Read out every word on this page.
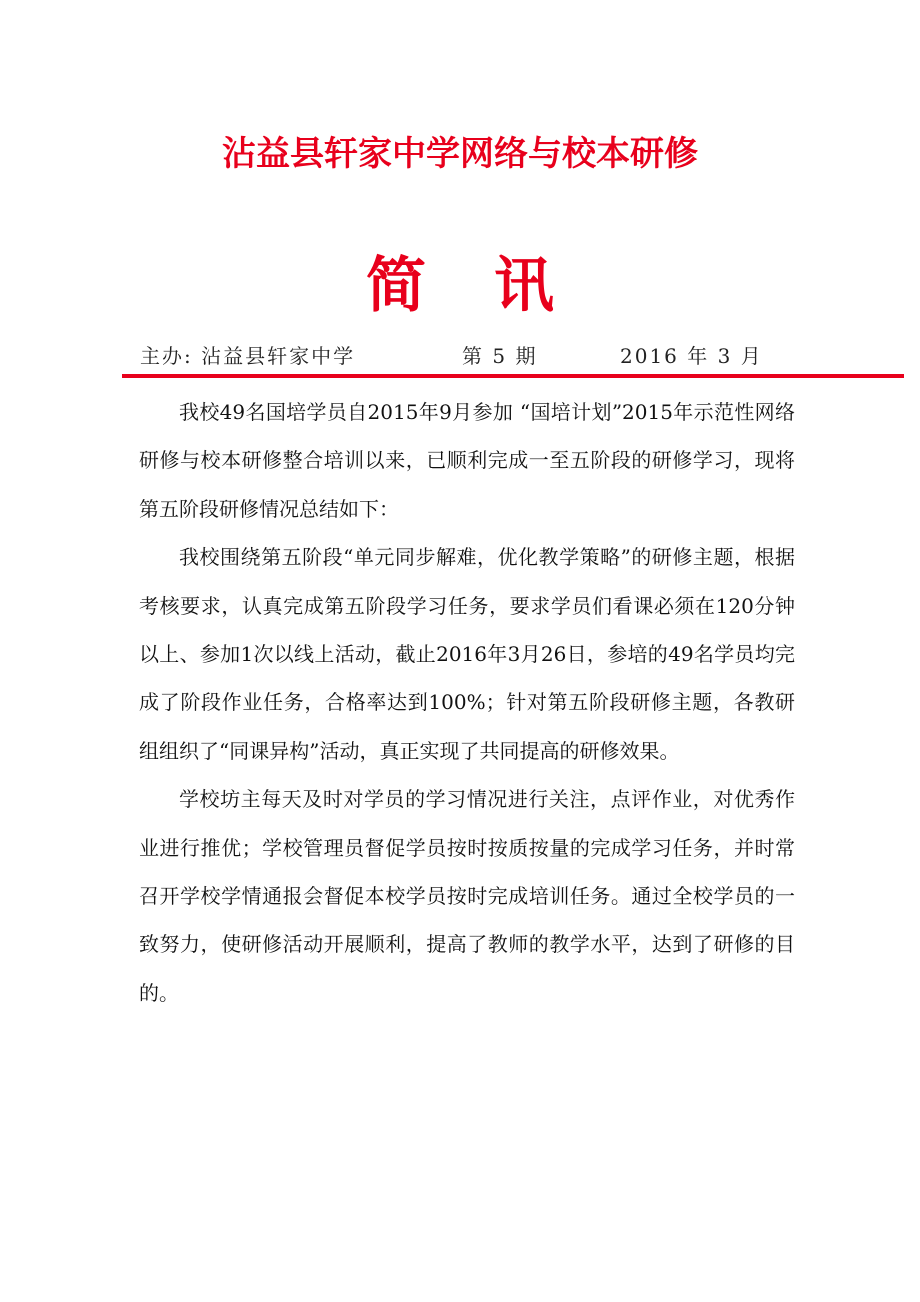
沾益县轩家中学网络与校本研修
简 讯
主办: 沾益县轩家中学	第 5 期	2016 年 3 月

我校49名国培学员自2015年9月参加 “国培计划”2015年示范性网络研修与校本研修整合培训以来，已顺利完成一至五阶段的研修学习，现将第五阶段研修情况总结如下：

我校围绕第五阶段“单元同步解难，优化教学策略”的研修主题，根据考核要求，认真完成第五阶段学习任务，要求学员们看课必须在120分钟以上、参加1次以线上活动，截止2016年3月26日，参培的49名学员均完成了阶段作业任务，合格率达到100%；针对第五阶段研修主题，各教研组组织了“同课异构”活动，真正实现了共同提高的研修效果。

学校坊主每天及时对学员的学习情况进行关注，点评作业，对优秀作业进行推优；学校管理员督促学员按时按质按量的完成学习任务，并时常召开学校学情通报会督促本校学员按时完成培训任务。通过全校学员的一致努力，使研修活动开展顺利，提高了教师的教学水平，达到了研修的目的。
